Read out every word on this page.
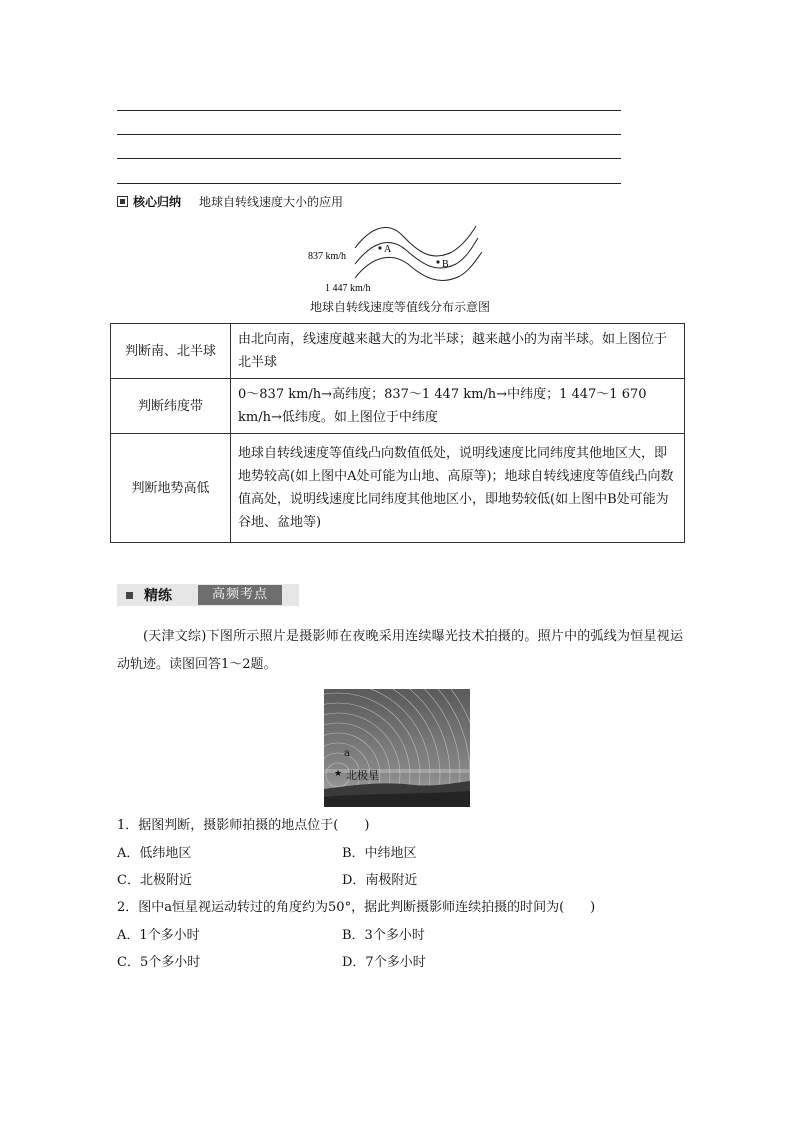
核心归纳 地球自转线速度大小的应用
A
B
837 km/h
1 447 km/h
地球自转线速度等值线分布示意图
判断南、北半球	由北向南，线速度越来越大的为北半球；越来越小的为南半球。如上图位于北半球
判断纬度带	0～837 km/h→高纬度；837～1 447 km/h→中纬度；1 447～1 670 km/h→低纬度。如上图位于中纬度
判断地势高低	地球自转线速度等值线凸向数值低处，说明线速度比同纬度其他地区大，即地势较高(如上图中A处可能为山地、高原等)；地球自转线速度等值线凸向数值高处，说明线速度比同纬度其他地区小，即地势较低(如上图中B处可能为谷地、盆地等)
精练	高频考点
(天津文综)下图所示照片是摄影师在夜晚采用连续曝光技术拍摄的。照片中的弧线为恒星视运动轨迹。读图回答1～2题。
a
★ 北极星
1．据图判断，摄影师拍摄的地点位于(　　)
A．低纬地区	B．中纬地区
C．北极附近	D．南极附近
2．图中a恒星视运动转过的角度约为50°，据此判断摄影师连续拍摄的时间为(　　)
A．1个多小时	B．3个多小时
C．5个多小时	D．7个多小时
